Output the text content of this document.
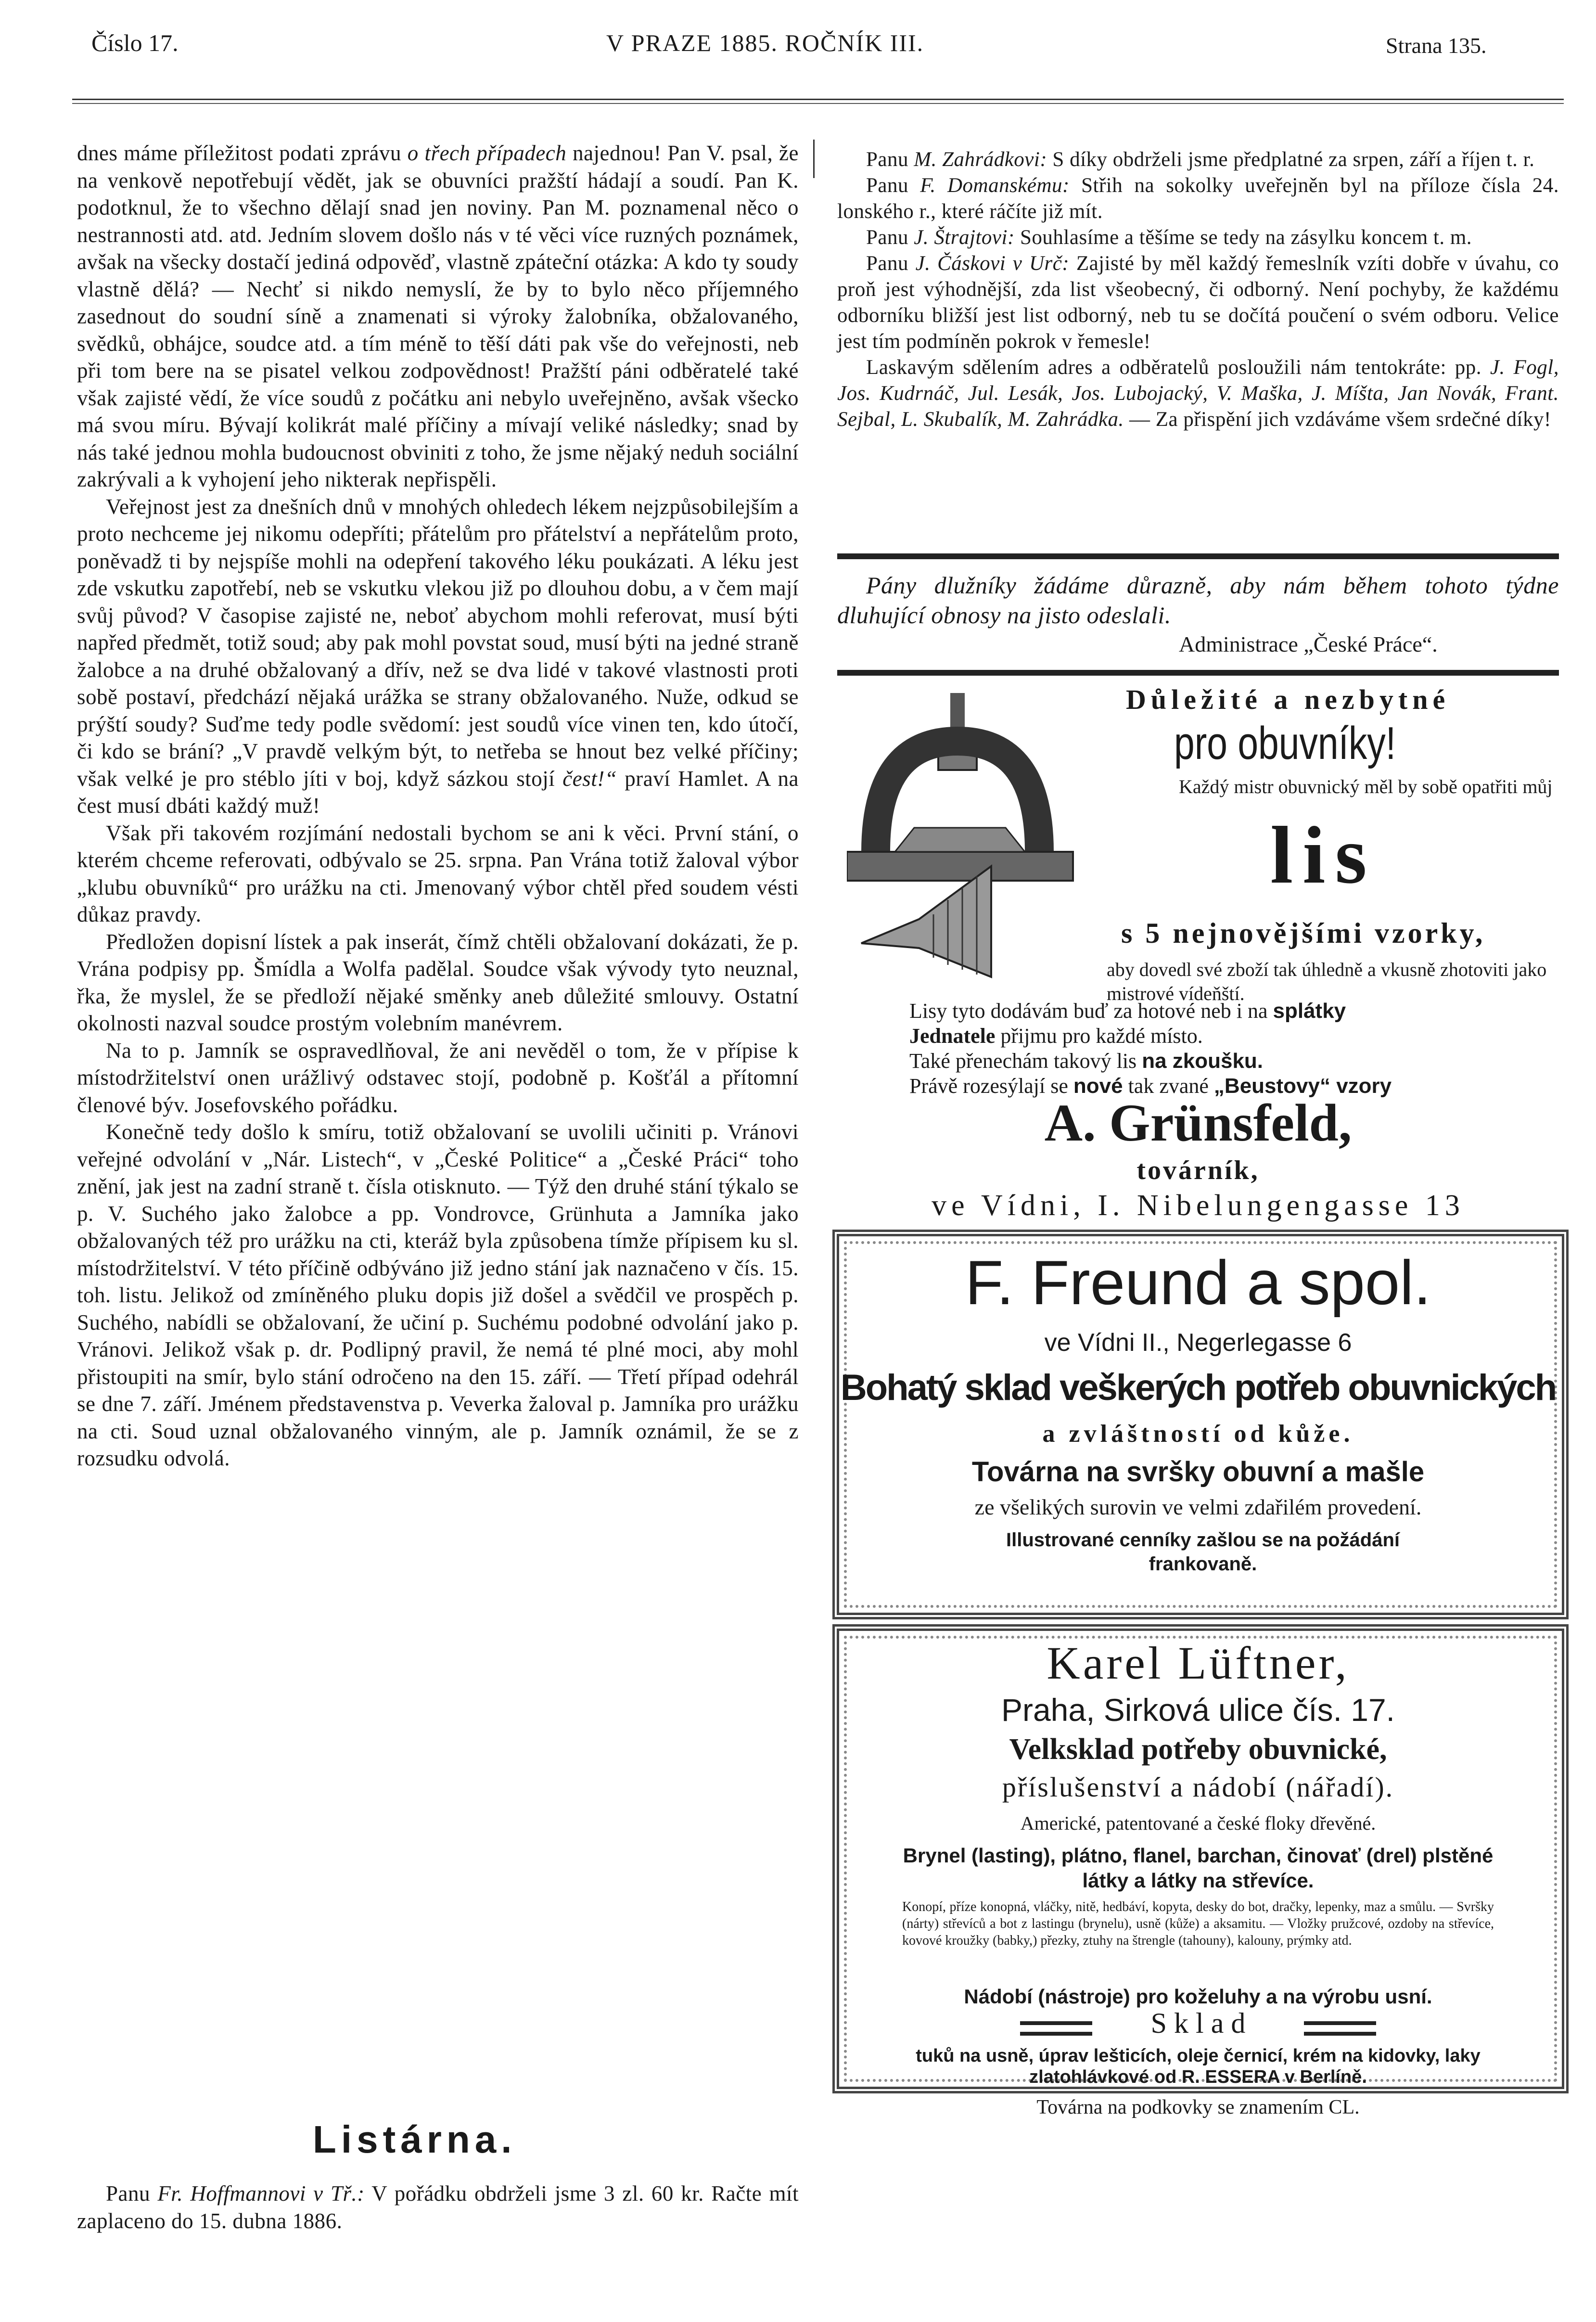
Číslo 17.	V PRAZE 1885. ROČNÍK III.	Strana 135.

dnes máme příležitost podati zprávu o třech případech najednou! Pan V. psal, že na venkově nepotřebují vědět, jak se obuvníci pražští hádají a soudí. Pan K. podotknul, že to všechno dělají snad jen noviny. Pan M. poznamenal něco o nestrannosti atd. atd. Jedním slovem došlo nás v té věci více ruzných poznámek, avšak na všecky dostačí jediná odpověď, vlastně zpáteční otázka: A kdo ty soudy vlastně dělá? — Nechť si nikdo nemyslí, že by to bylo něco příjemného zasednout do soudní síně a znamenati si výroky žalobníka, obžalovaného, svědků, obhájce, soudce atd. a tím méně to těší dáti pak vše do veřejnosti, neb při tom bere na se pisatel velkou zodpovědnost! Pražští páni odběratelé také však zajisté vědí, že více soudů z počátku ani nebylo uveřejněno, avšak všecko má svou míru. Bývají kolikrát malé příčiny a mívají veliké následky; snad by nás také jednou mohla budoucnost obviniti z toho, že jsme nějaký neduh sociální zakrývali a k vyhojení jeho nikterak nepřispěli.

Veřejnost jest za dnešních dnů v mnohých ohledech lékem nejzpůsobilejším a proto nechceme jej nikomu odepříti; přátelům pro přátelství a nepřátelům proto, poněvadž ti by nejspíše mohli na odepření takového léku poukázati. A léku jest zde vskutku zapotřebí, neb se vskutku vlekou již po dlouhou dobu, a v čem mají svůj původ? V časopise zajisté ne, neboť abychom mohli referovat, musí býti napřed předmět, totiž soud; aby pak mohl povstat soud, musí býti na jedné straně žalobce a na druhé obžalovaný a dřív, než se dva lidé v takové vlastnosti proti sobě postaví, předchází nějaká urážka se strany obžalovaného. Nuže, odkud se prýští soudy? Suďme tedy podle svědomí: jest soudů více vinen ten, kdo útočí, či kdo se brání? „V pravdě velkým být, to netřeba se hnout bez velké příčiny; však velké je pro stéblo jíti v boj, když sázkou stojí čest!“ praví Hamlet. A na čest musí dbáti každý muž!

Však při takovém rozjímání nedostali bychom se ani k věci. První stání, o kterém chceme referovati, odbývalo se 25. srpna. Pan Vrána totiž žaloval výbor „klubu obuvníků“ pro urážku na cti. Jmenovaný výbor chtěl před soudem vésti důkaz pravdy.

Předložen dopisní lístek a pak inserát, čímž chtěli obžalovaní dokázati, že p. Vrána podpisy pp. Šmídla a Wolfa padělal. Soudce však vývody tyto neuznal, řka, že myslel, že se předloží nějaké směnky aneb důležité smlouvy. Ostatní okolnosti nazval soudce prostým volebním manévrem.

Na to p. Jamník se ospravedlňoval, že ani nevěděl o tom, že v přípise k místodržitelství onen urážlivý odstavec stojí, podobně p. Košťál a přítomní členové býv. Josefovského pořádku.

Konečně tedy došlo k smíru, totiž obžalovaní se uvolili učiniti p. Vránovi veřejné odvolání v „Nár. Listech“, v „České Politice“ a „České Práci“ toho znění, jak jest na zadní straně t. čísla otisknuto. — Týž den druhé stání týkalo se p. V. Suchého jako žalobce a pp. Vondrovce, Grünhuta a Jamníka jako obžalovaných též pro urážku na cti, kteráž byla způsobena tímže přípisem ku sl. místodržitelství. V této příčině odbýváno již jedno stání jak naznačeno v čís. 15. toh. listu. Jelikož od zmíněného pluku dopis již došel a svědčil ve prospěch p. Suchého, nabídli se obžalovaní, že učiní p. Suchému podobné odvolání jako p. Vránovi. Jelikož však p. dr. Podlipný pravil, že nemá té plné moci, aby mohl přistoupiti na smír, bylo stání odročeno na den 15. září. — Třetí případ odehrál se dne 7. září. Jménem představenstva p. Veverka žaloval p. Jamníka pro urážku na cti. Soud uznal obžalovaného vinným, ale p. Jamník oznámil, že se z rozsudku odvolá.

Listárna.

Panu Fr. Hoffmannovi v Tř.: V pořádku obdrželi jsme 3 zl. 60 kr. Račte mít zaplaceno do 15. dubna 1886.

Panu M. Zahrádkovi: S díky obdrželi jsme předplatné za srpen, září a říjen t. r.

Panu F. Domanskému: Střih na sokolky uveřejněn byl na příloze čísla 24. lonského r., které ráčíte již mít.

Panu J. Štrajtovi: Souhlasíme a těšíme se tedy na zásylku koncem t. m.

Panu J. Čáskovi v Urč: Zajisté by měl každý řemeslník vzíti dobře v úvahu, co proň jest výhodnější, zda list všeobecný, či odborný. Není pochyby, že každému odborníku bližší jest list odborný, neb tu se dočítá poučení o svém odboru. Velice jest tím podmíněn pokrok v řemesle!

Laskavým sdělením adres a odběratelů posloužili nám tentokráte: pp. J. Fogl, Jos. Kudrnáč, Jul. Lesák, Jos. Lubojacký, V. Maška, J. Míšta, Jan Novák, Frant. Sejbal, L. Skubalík, M. Zahrádka. — Za přispění jich vzdáváme všem srdečné díky!

Pány dlužníky žádáme důrazně, aby nám během tohoto týdne dluhující obnosy na jisto odeslali.

Administrace „České Práce“.
Důležité a nezbytné
pro obuvníky!
Každý mistr obuvnický měl by sobě opatřiti můj
lis
s 5 nejnovějšími vzorky,
aby dovedl své zboží tak úhledně a vkusně zhotoviti jako mistrové vídeňští.
Lisy tyto dodávám buď za hotové neb i na splátky
Jednatele přijmu pro každé místo.
Také přenechám takový lis na zkoušku.
Právě rozesýlají se nové tak zvané „Beustovy“ vzory
A. Grünsfeld,
továrník,
ve Vídni, I. Nibelungengasse 13
F. Freund a spol.
ve Vídni II., Negerlegasse 6
Bohatý sklad veškerých potřeb obuvnických
a zvláštností od kůže.
Továrna na svršky obuvní a mašle
ze všelikých surovin ve velmi zdařilém provedení.
Illustrované cenníky zašlou se na požádání frankovaně.
Karel Lüftner,
Praha, Sirková ulice čís. 17.
Velksklad potřeby obuvnické,
příslušenství a nádobí (nářadí).
Americké, patentované a české floky dřevěné.
Brynel (lasting), plátno, flanel, barchan, činovať (drel) plstěné látky a látky na střevíce.
Konopí, příze konopná, vláčky, nitě, hedbáví, kopyta, desky do bot, dračky, lepenky, maz a smůlu. — Svršky (nárty) střevíců a bot z lastingu (brynelu), usně (kůže) a aksamitu. — Vložky pružcové, ozdoby na střevíce, kovové kroužky (babky,) přezky, ztuhy na štrengle (tahouny), kalouny, prýmky atd.
Nádobí (nástroje) pro koželuhy a na výrobu usní.
S k l a d
tuků na usně, úprav lešticích, oleje černicí, krém na kidovky, laky zlatohlávkové od R. ESSERA v Berlíně.
Továrna na podkovky se znamením CL.
